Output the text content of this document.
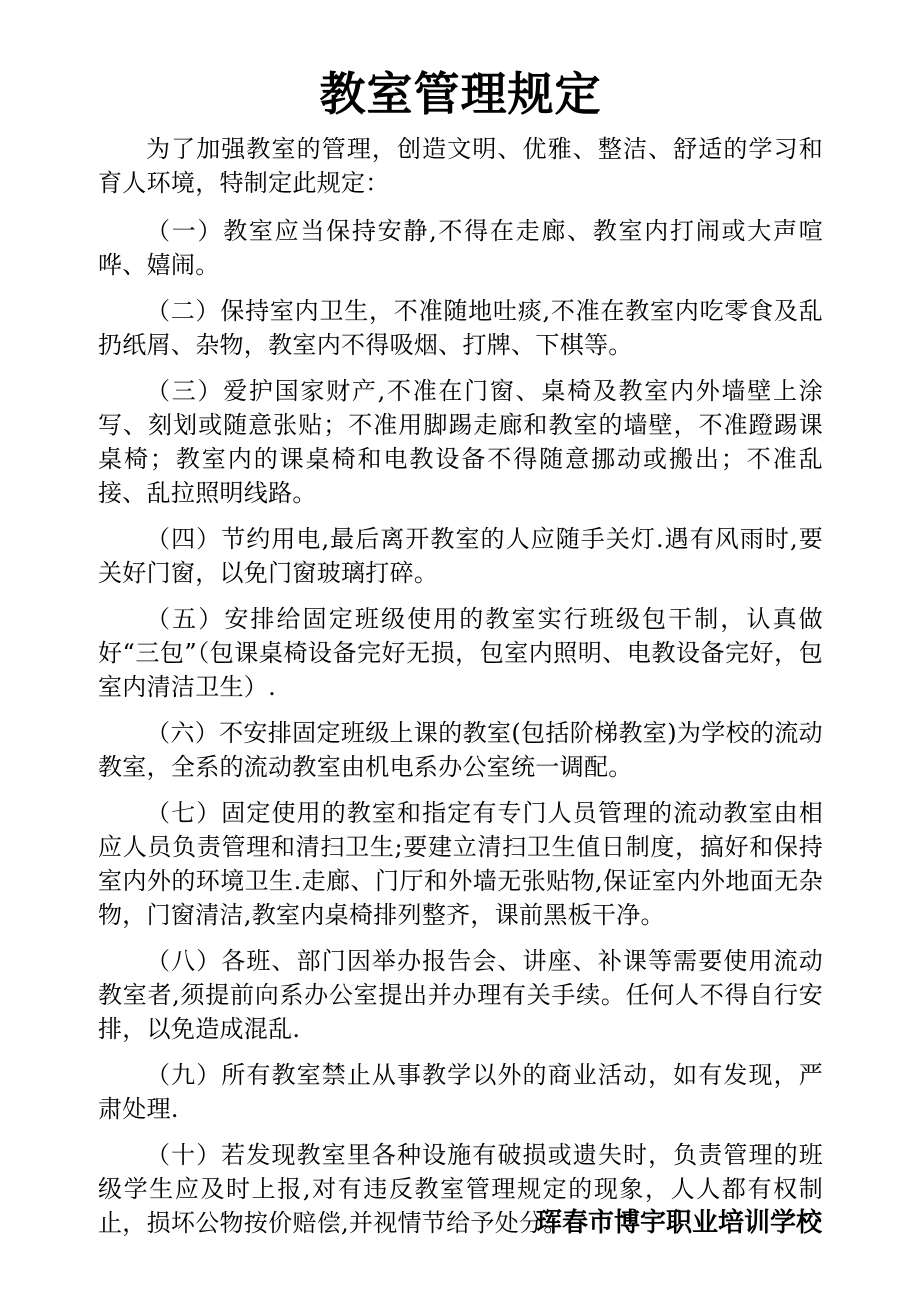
教室管理规定

为了加强教室的管理，创造文明、优雅、整洁、舒适的学习和育人环境，特制定此规定：

（一）教室应当保持安静,不得在走廊、教室内打闹或大声喧哗、嬉闹。

（二）保持室内卫生，不准随地吐痰,不准在教室内吃零食及乱扔纸屑、杂物，教室内不得吸烟、打牌、下棋等。

（三）爱护国家财产,不准在门窗、桌椅及教室内外墙壁上涂写、刻划或随意张贴；不准用脚踢走廊和教室的墙壁，不准蹬踢课桌椅；教室内的课桌椅和电教设备不得随意挪动或搬出；不准乱接、乱拉照明线路。

（四）节约用电,最后离开教室的人应随手关灯.遇有风雨时,要关好门窗，以免门窗玻璃打碎。

（五）安排给固定班级使用的教室实行班级包干制，认真做好“三包”（包课桌椅设备完好无损，包室内照明、电教设备完好，包室内清洁卫生）.

（六）不安排固定班级上课的教室(包括阶梯教室)为学校的流动教室，全系的流动教室由机电系办公室统一调配。

（七）固定使用的教室和指定有专门人员管理的流动教室由相应人员负责管理和清扫卫生;要建立清扫卫生值日制度，搞好和保持室内外的环境卫生.走廊、门厅和外墙无张贴物,保证室内外地面无杂物，门窗清洁,教室内桌椅排列整齐，课前黑板干净。

（八）各班、部门因举办报告会、讲座、补课等需要使用流动教室者,须提前向系办公室提出并办理有关手续。任何人不得自行安排，以免造成混乱.

（九）所有教室禁止从事教学以外的商业活动，如有发现，严肃处理.

（十）若发现教室里各种设施有破损或遗失时，负责管理的班级学生应及时上报,对有违反教室管理规定的现象，人人都有权制止，损坏公物按价赔偿,并视情节给予处分。

珲春市博宇职业培训学校
